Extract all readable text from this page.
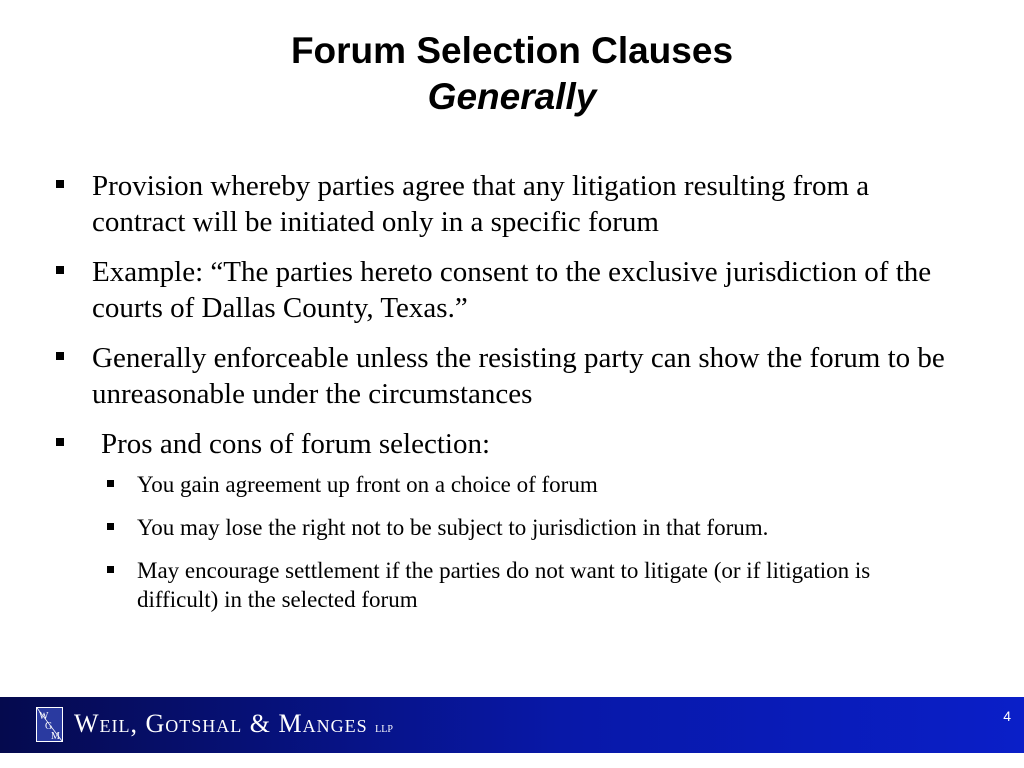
Forum Selection Clauses
Generally
Provision whereby parties agree that any litigation resulting from a contract will be initiated only in a specific forum
Example: “The parties hereto consent to the exclusive jurisdiction of the courts of Dallas County, Texas.”
Generally enforceable unless the resisting party can show the forum to be unreasonable under the circumstances
Pros and cons of forum selection:
You gain agreement up front on a choice of forum
You may lose the right not to be subject to jurisdiction in that forum.
May encourage settlement if the parties do not want to litigate (or if litigation is difficult) in the selected forum
W
G
M Weil, Gotshal & Manges LLP
4
